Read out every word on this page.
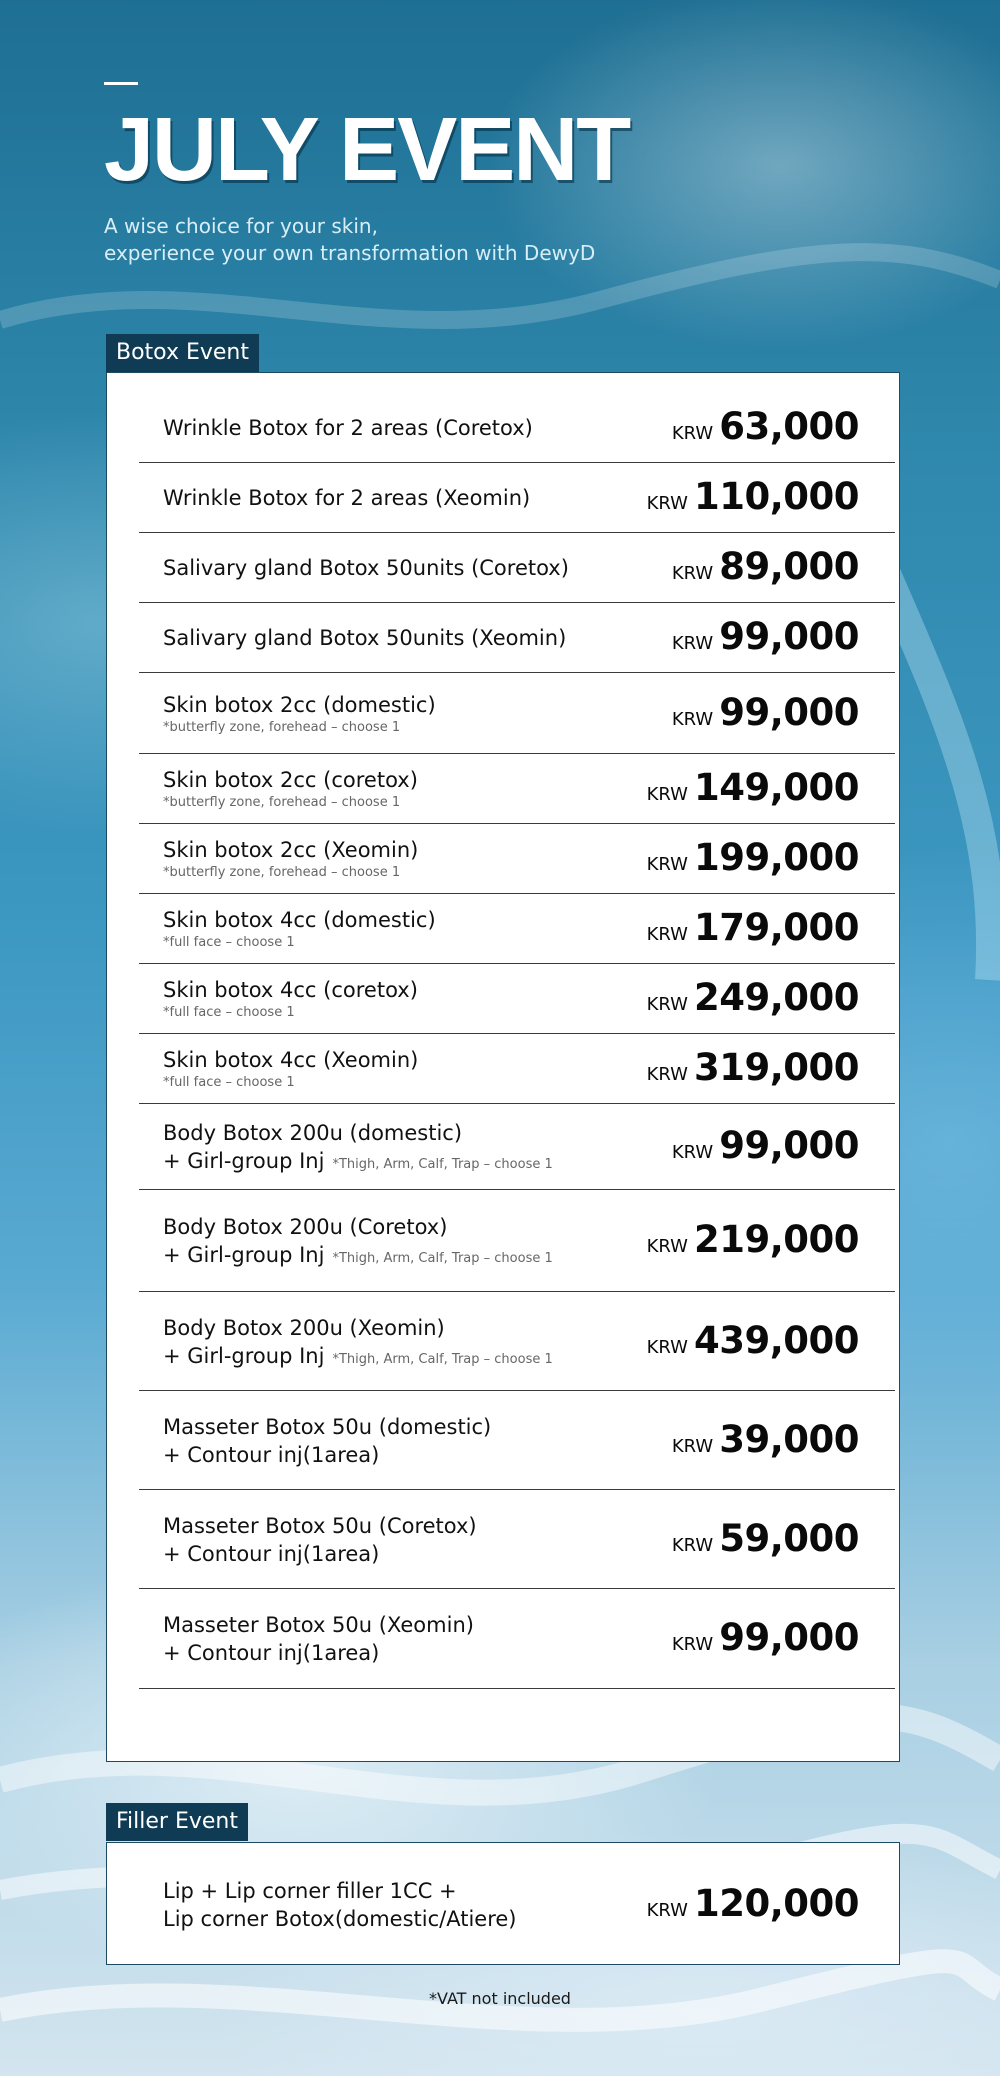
JULY EVENT
A wise choice for your skin,
experience your own transformation with DewyD
Botox Event
Wrinkle Botox for 2 areas (Coretox)	KRW 63,000
Wrinkle Botox for 2 areas (Xeomin)	KRW 110,000
Salivary gland Botox 50units (Coretox)	KRW 89,000
Salivary gland Botox 50units (Xeomin)	KRW 99,000
Skin botox 2cc (domestic)
*butterfly zone, forehead – choose 1	KRW 99,000
Skin botox 2cc (coretox)
*butterfly zone, forehead – choose 1	KRW 149,000
Skin botox 2cc (Xeomin)
*butterfly zone, forehead – choose 1	KRW 199,000
Skin botox 4cc (domestic)
*full face – choose 1	KRW 179,000
Skin botox 4cc (coretox)
*full face – choose 1	KRW 249,000
Skin botox 4cc (Xeomin)
*full face – choose 1	KRW 319,000
Body Botox 200u (domestic)
+ Girl-group Inj *Thigh, Arm, Calf, Trap – choose 1
KRW 99,000
Body Botox 200u (Coretox)
+ Girl-group Inj *Thigh, Arm, Calf, Trap – choose 1
KRW 219,000
Body Botox 200u (Xeomin)
+ Girl-group Inj *Thigh, Arm, Calf, Trap – choose 1
KRW 439,000
Masseter Botox 50u (domestic)
+ Contour inj(1area)	KRW 39,000
Masseter Botox 50u (Coretox)
+ Contour inj(1area)	KRW 59,000
Masseter Botox 50u (Xeomin)
+ Contour inj(1area)	KRW 99,000
Filler Event
Lip + Lip corner filler 1CC +
Lip corner Botox(domestic/Atiere)	KRW 120,000
*VAT not included
